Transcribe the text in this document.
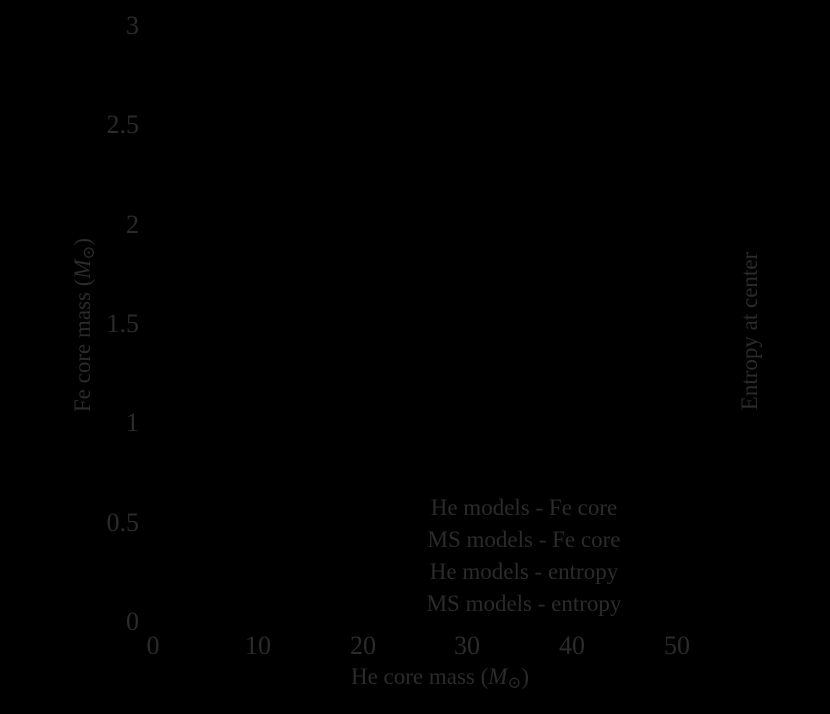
3
2.5
2
1.5
1
0.5
0
0	10	20	30	40	50
He core mass $(M_⊙)$
Fe core mass $(M_⊙)$
Entropy at center
He models - Fe core
MS models - Fe core
He models - entropy
MS models - entropy
